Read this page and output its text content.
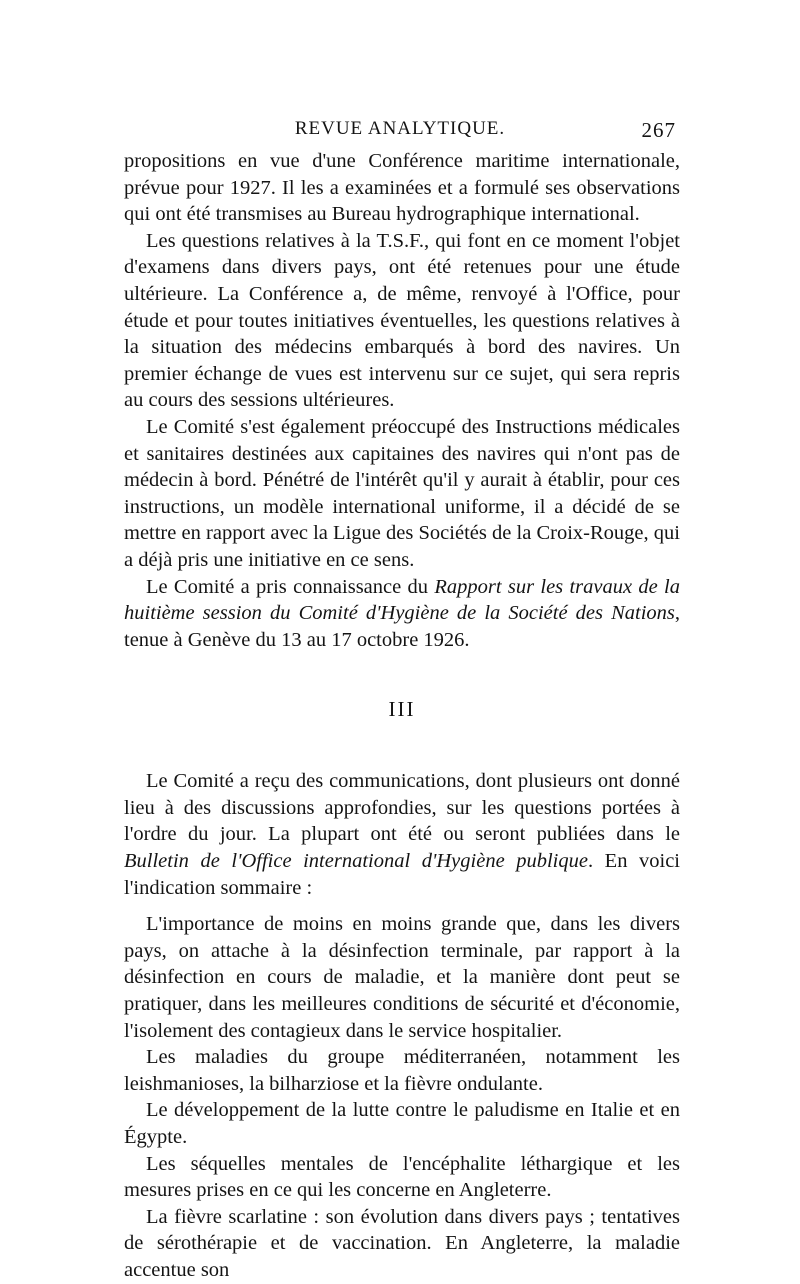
REVUE ANALYTIQUE.	267

propositions en vue d'une Conférence maritime internationale, prévue pour 1927. Il les a examinées et a formulé ses observations qui ont été transmises au Bureau hydrographique international.

Les questions relatives à la T.S.F., qui font en ce moment l'objet d'examens dans divers pays, ont été retenues pour une étude ultérieure. La Conférence a, de même, renvoyé à l'Office, pour étude et pour toutes initiatives éventuelles, les questions relatives à la situation des médecins embarqués à bord des navires. Un premier échange de vues est intervenu sur ce sujet, qui sera repris au cours des sessions ultérieures.

Le Comité s'est également préoccupé des Instructions médicales et sanitaires destinées aux capitaines des navires qui n'ont pas de médecin à bord. Pénétré de l'intérêt qu'il y aurait à établir, pour ces instructions, un modèle international uniforme, il a décidé de se mettre en rapport avec la Ligue des Sociétés de la Croix-Rouge, qui a déjà pris une initiative en ce sens.

Le Comité a pris connaissance du Rapport sur les travaux de la huitième session du Comité d'Hygiène de la Société des Nations, tenue à Genève du 13 au 17 octobre 1926.

III

Le Comité a reçu des communications, dont plusieurs ont donné lieu à des discussions approfondies, sur les questions portées à l'ordre du jour. La plupart ont été ou seront publiées dans le Bulletin de l'Office international d'Hygiène publique. En voici l'indication sommaire :

L'importance de moins en moins grande que, dans les divers pays, on attache à la désinfection terminale, par rapport à la désinfection en cours de maladie, et la manière dont peut se pratiquer, dans les meilleures conditions de sécurité et d'économie, l'isolement des contagieux dans le service hospitalier.

Les maladies du groupe méditerranéen, notamment les leishmanioses, la bilharziose et la fièvre ondulante.

Le développement de la lutte contre le paludisme en Italie et en Égypte.

Les séquelles mentales de l'encéphalite léthargique et les mesures prises en ce qui les concerne en Angleterre.

La fièvre scarlatine : son évolution dans divers pays ; tentatives de sérothérapie et de vaccination. En Angleterre, la maladie accentue son
